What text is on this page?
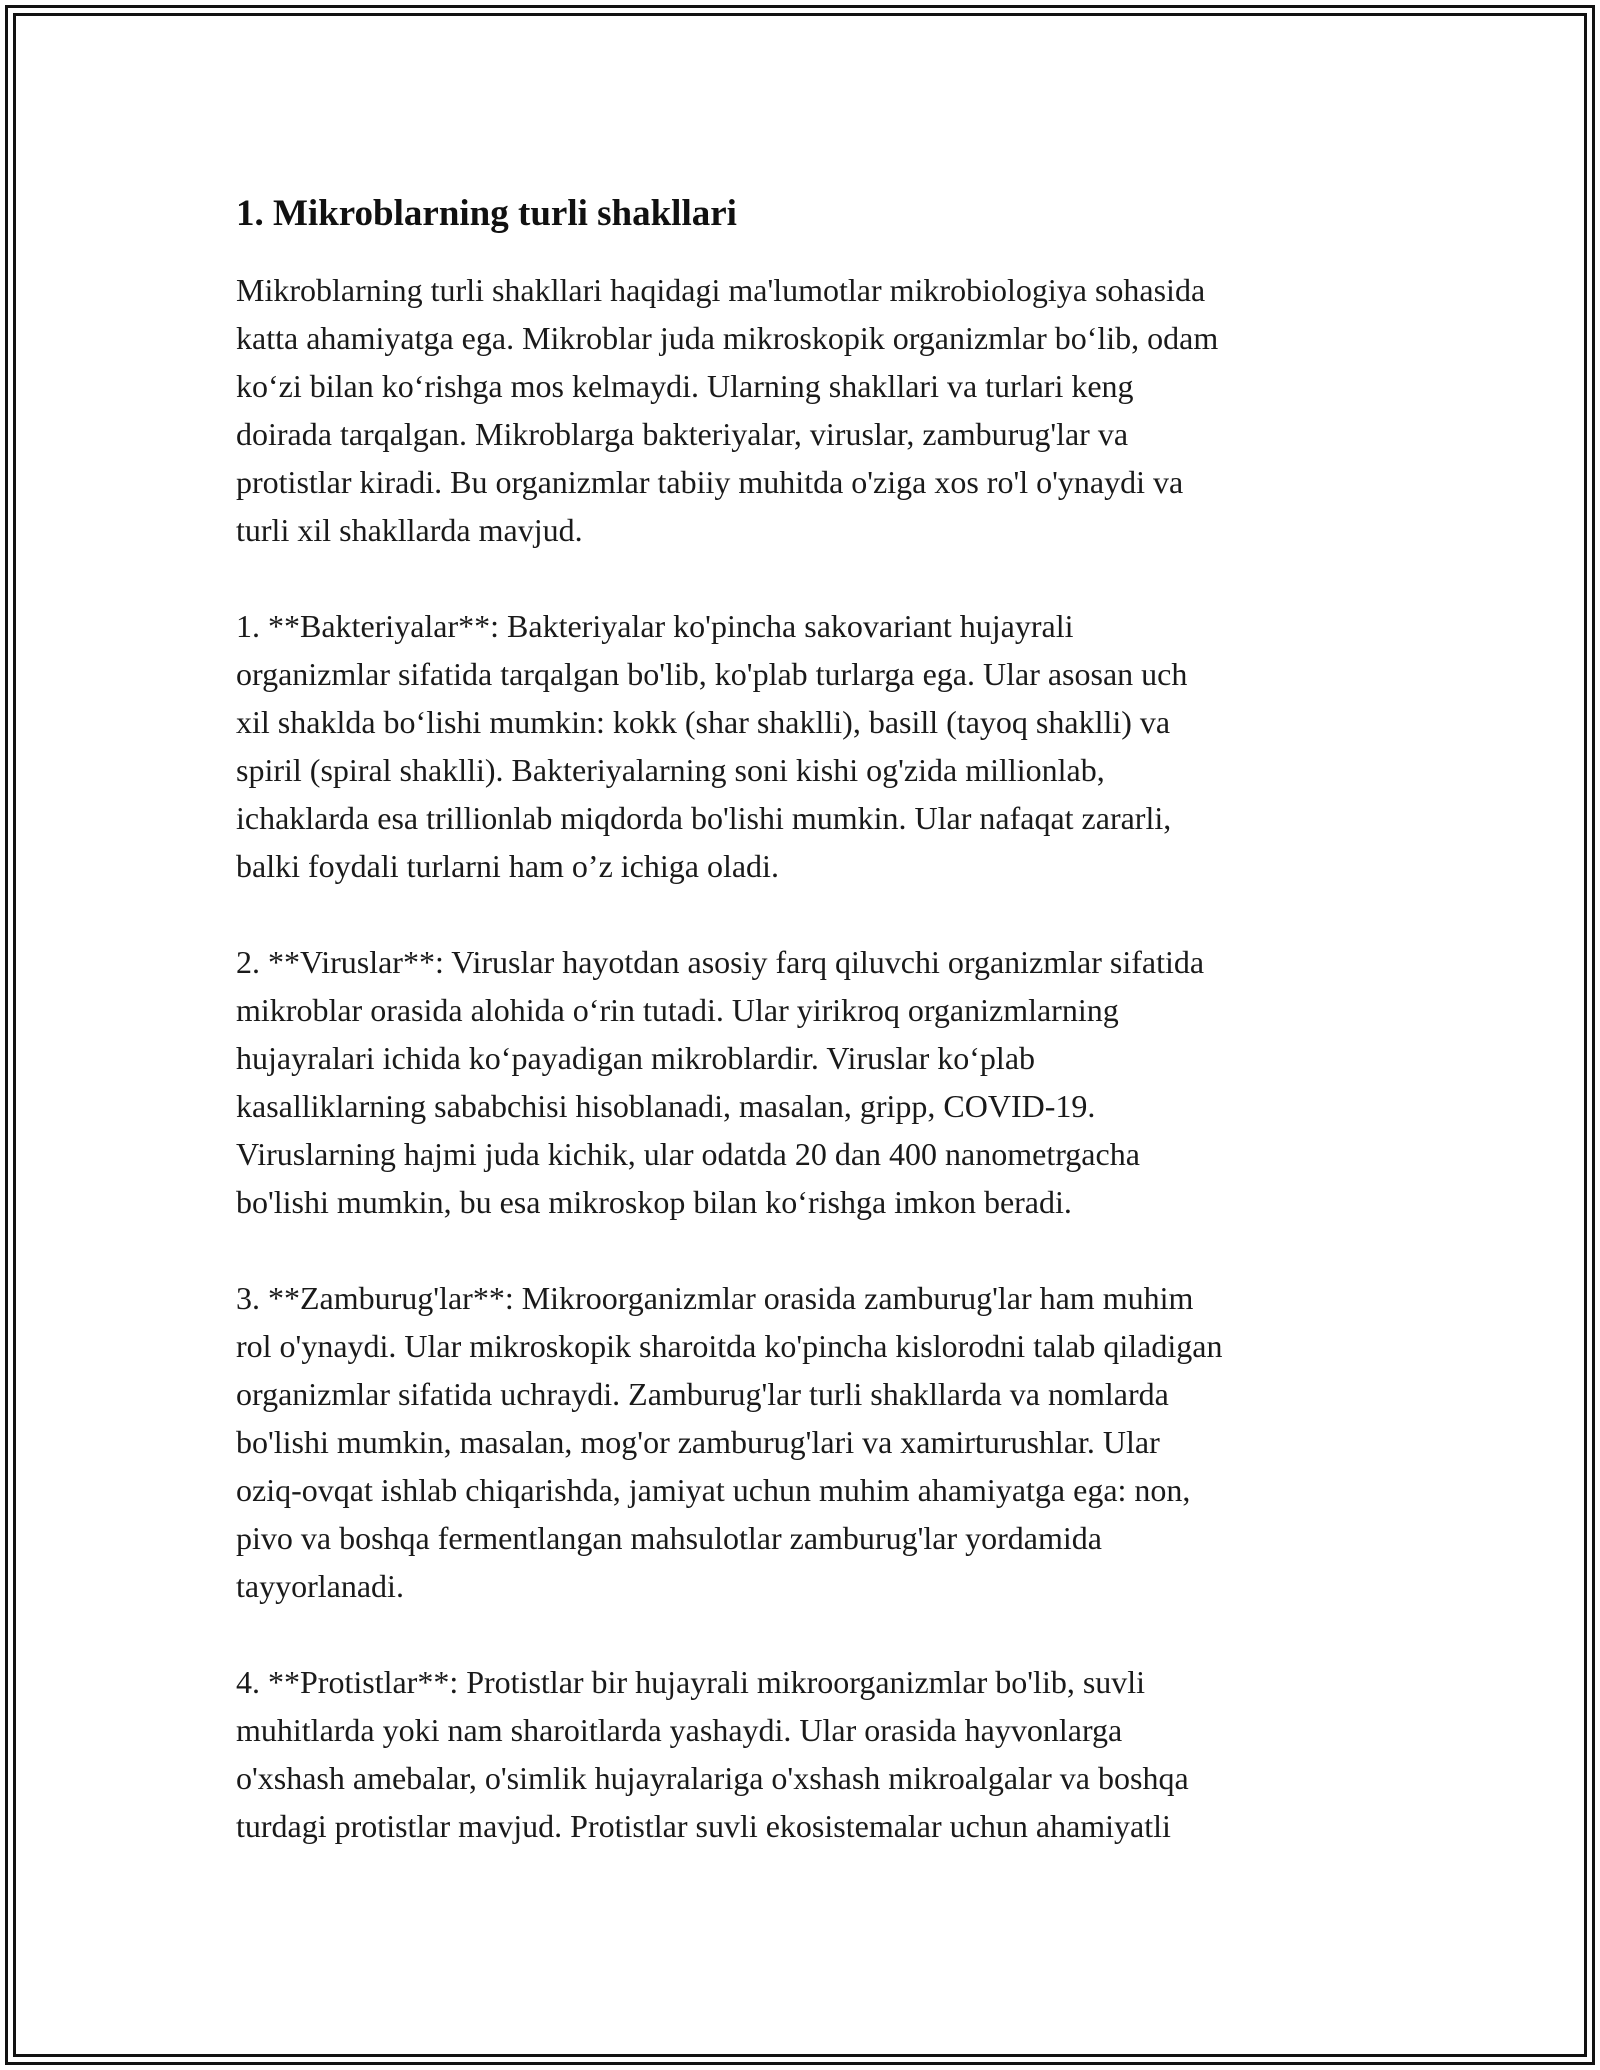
1. Mikroblarning turli shakllari

Mikroblarning turli shakllari haqidagi ma'lumotlar mikrobiologiya sohasida
katta ahamiyatga ega. Mikroblar juda mikroskopik organizmlar bo‘lib, odam
ko‘zi bilan ko‘rishga mos kelmaydi. Ularning shakllari va turlari keng
doirada tarqalgan. Mikroblarga bakteriyalar, viruslar, zamburug'lar va
protistlar kiradi. Bu organizmlar tabiiy muhitda o'ziga xos ro'l o'ynaydi va
turli xil shakllarda mavjud.

1. **Bakteriyalar**: Bakteriyalar ko'pincha sakovariant hujayrali
organizmlar sifatida tarqalgan bo'lib, ko'plab turlarga ega. Ular asosan uch
xil shaklda bo‘lishi mumkin: kokk (shar shaklli), basill (tayoq shaklli) va
spiril (spiral shaklli). Bakteriyalarning soni kishi og'zida millionlab,
ichaklarda esa trillionlab miqdorda bo'lishi mumkin. Ular nafaqat zararli,
balki foydali turlarni ham o’z ichiga oladi.

2. **Viruslar**: Viruslar hayotdan asosiy farq qiluvchi organizmlar sifatida
mikroblar orasida alohida o‘rin tutadi. Ular yirikroq organizmlarning
hujayralari ichida ko‘payadigan mikroblardir. Viruslar ko‘plab
kasalliklarning sababchisi hisoblanadi, masalan, gripp, COVID-19.
Viruslarning hajmi juda kichik, ular odatda 20 dan 400 nanometrgacha
bo'lishi mumkin, bu esa mikroskop bilan ko‘rishga imkon beradi.

3. **Zamburug'lar**: Mikroorganizmlar orasida zamburug'lar ham muhim
rol o'ynaydi. Ular mikroskopik sharoitda ko'pincha kislorodni talab qiladigan
organizmlar sifatida uchraydi. Zamburug'lar turli shakllarda va nomlarda
bo'lishi mumkin, masalan, mog'or zamburug'lari va xamirturushlar. Ular
oziq-ovqat ishlab chiqarishda, jamiyat uchun muhim ahamiyatga ega: non,
pivo va boshqa fermentlangan mahsulotlar zamburug'lar yordamida
tayyorlanadi.

4. **Protistlar**: Protistlar bir hujayrali mikroorganizmlar bo'lib, suvli
muhitlarda yoki nam sharoitlarda yashaydi. Ular orasida hayvonlarga
o'xshash amebalar, o'simlik hujayralariga o'xshash mikroalgalar va boshqa
turdagi protistlar mavjud. Protistlar suvli ekosistemalar uchun ahamiyatli
